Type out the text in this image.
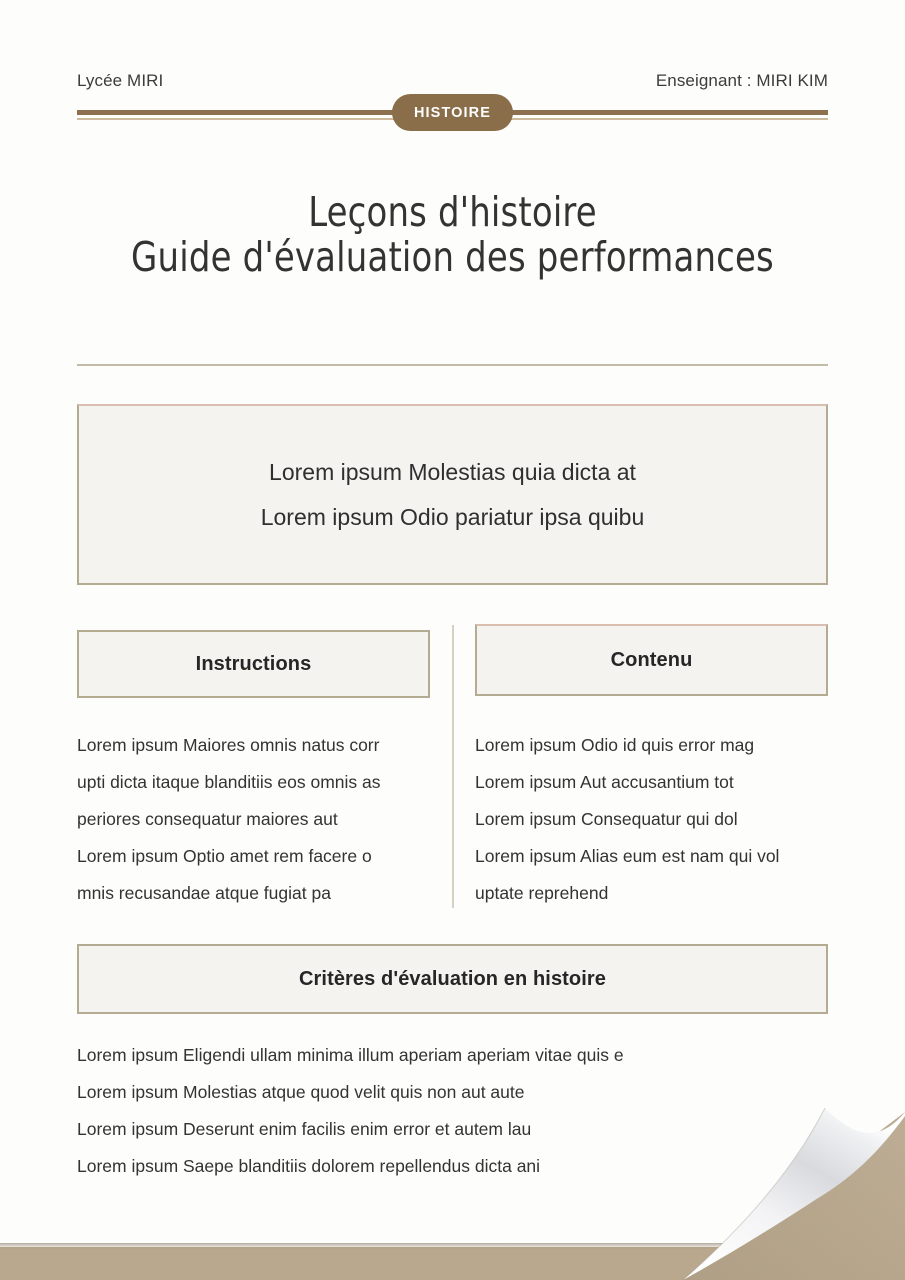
Lycée MIRI	Enseignant : MIRI KIM
HISTOIRE
Leçons d'histoire
Guide d'évaluation des performances
Lorem ipsum Molestias quia dicta at
Lorem ipsum Odio pariatur ipsa quibu
Instructions	Contenu
Lorem ipsum Maiores omnis natus corr
upti dicta itaque blanditiis eos omnis as
periores consequatur maiores aut
Lorem ipsum Optio amet rem facere o
mnis recusandae atque fugiat pa
Lorem ipsum Odio id quis error mag
Lorem ipsum Aut accusantium tot
Lorem ipsum Consequatur qui dol
Lorem ipsum Alias eum est nam qui vol
uptate reprehend
Critères d'évaluation en histoire
Lorem ipsum Eligendi ullam minima illum aperiam aperiam vitae quis e
Lorem ipsum Molestias atque quod velit quis non aut aute
Lorem ipsum Deserunt enim facilis enim error et autem lau
Lorem ipsum Saepe blanditiis dolorem repellendus dicta ani
